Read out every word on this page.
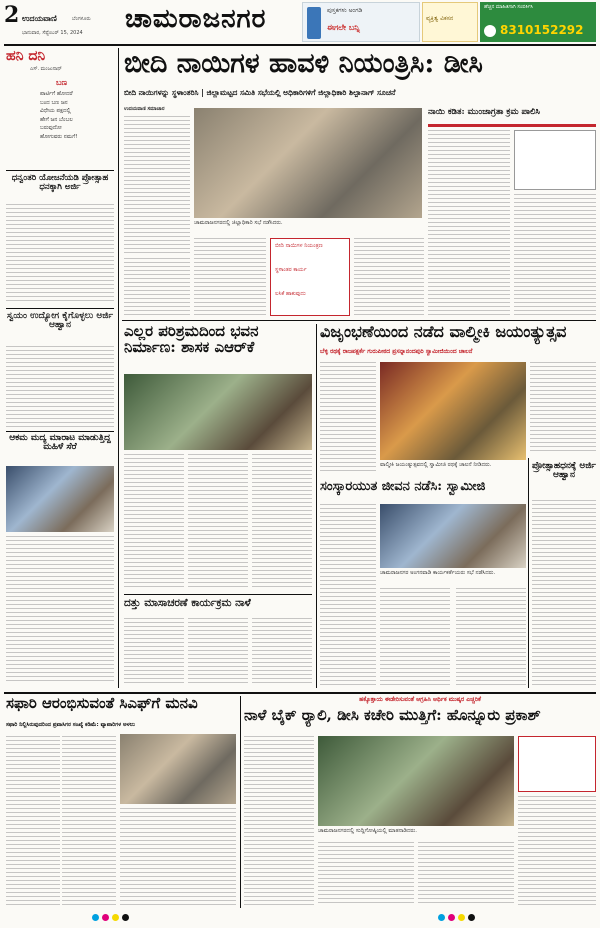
2 ಉದಯವಾಣಿ	ಬೆಂಗಳೂರು
ಭಾನುವಾರ, ಸೆಪ್ಟೆಂಬರ್ 15, 2024	ಚಾಮರಾಜನಗರ	ಪುಸ್ತಕಗಳು ಅಂಗಡಿ
ಈಗಲೇ ಬನ್ನಿ
ವ್ಯಕ್ತಿತ್ವ ವಿಕಸನ
ಹೆಚ್ಚಿನ ಮಾಹಿತಿಗಾಗಿ ಸಂಪರ್ಕಿಸಿ
8310152292
ಹನಿ ದನಿ
ಎಸ್. ಮಂಜುನಾಥ್
ಬಣ
ಪಾರ್ಟಿಗೆ ಹೋದರೆ
ಬಂದ ಬಣ ಜನ
ವಿಧೇಯ ಪಕ್ಷದಲ್ಲಿ
ಹೇಗೆ ಜನ ಬೆಂಬಲ
ಬರುವುದೋ
ಹೋಗುವರು ನಮಗೆ!
ಧನ್ವಂತರಿ ಯೋಜನೆಯಡಿ ಪ್ರೋತ್ಸಾಹ ಧನಕ್ಕಾಗಿ ಅರ್ಜಿ
ಸ್ವಯಂ ಉದ್ಯೋಗ ಕೈಗೊಳ್ಳಲು ಅರ್ಜಿ ಆಹ್ವಾನ
ಆಕಮ ಮದ್ಯ ಮಾರಾಟ ಮಾಡುತ್ತಿದ್ದ ಮಹಿಳೆ ಸೆರೆ
ಬೀದಿ ನಾಯಿಗಳ ಹಾವಳಿ ನಿಯಂತ್ರಿಸಿ: ಡೀಸಿ
ಬೀದಿ ನಾಯಿಗಳನ್ನು ಸ್ಥಳಾಂತರಿಸಿ | ಜಿಲ್ಲಾಮಟ್ಟದ ಸಮಿತಿ ಸಭೆಯಲ್ಲಿ ಅಧಿಕಾರಿಗಳಿಗೆ ಜಿಲ್ಲಾಧಿಕಾರಿ ಶಿಲ್ಪಾನಾಗ್ ಸೂಚನೆ
ಉದಯವಾಣಿ ಸಮಾಚಾರ
ಚಾಮರಾಜನಗರದಲ್ಲಿ ಜಿಲ್ಲಾಧಿಕಾರಿ ಸಭೆ ನಡೆಸಿದರು.
ಬೀದಿ ನಾಯಿಗಳ ನಿಯಂತ್ರಣ
ಸ್ಥಳಾಂತರ ಕಾರ್ಯ
ಲಸಿಕೆ ಹಾಕುವುದು
ನಾಯಿ ಕಡಿತ: ಮುಂಜಾಗ್ರತಾ ಕ್ರಮ ಪಾಲಿಸಿ
ಎಲ್ಲರ ಪರಿಶ್ರಮದಿಂದ ಭವನ ನಿರ್ಮಾಣ: ಶಾಸಕ ಎಆರ್‌ಕೆ
ದತ್ತು ಮಾಸಾಚರಣೆ ಕಾರ್ಯಕ್ರಮ ನಾಳೆ
ವಿಜೃಂಭಣೆಯಿಂದ ನಡೆದ ವಾಲ್ಮೀಕಿ ಜಯಂತ್ಯುತ್ಸವ
ಬೆಳ್ಳಿ ರಥಕ್ಕೆ ರಾಜಪಕ್ಷರ್ಕೆ ಗುರುಪೀಠದ ಪ್ರಸನ್ನಾನಂದಪುರಿ ಸ್ವಾಮೀಜಿಯಿಂದ ಚಾಲನೆ
ವಾಲ್ಮೀಕಿ ಜಯಂತ್ಯುತ್ಸವದಲ್ಲಿ ಸ್ವಾಮೀಜಿ ರಥಕ್ಕೆ ಚಾಲನೆ ನೀಡಿದರು.
ಸಂಸ್ಕಾರಯುತ ಜೀವನ ನಡೆಸಿ: ಸ್ವಾಮೀಜಿ
ಚಾಮರಾಜನಗರ ಅಂಗನವಾಡಿ ಕಾರ್ಯಕರ್ತೆಯರು ಸಭೆ ನಡೆಸಿದರು.
ಪ್ರೋತ್ಸಾಹಧನಕ್ಕೆ ಅರ್ಜಿ ಆಹ್ವಾನ
ಸಫಾರಿ ಆರಂಭಿಸುವಂತೆ ಸಿಎಫ್‌ಗೆ ಮನವಿ
ಸಫಾರಿ ನಿಲ್ಲಿಸಿರುವುದರಿಂದ ಪ್ರವಾಸಿಗರ ಸಂಖ್ಯೆ ಕಡಿಮೆ: ವ್ಯಾಪಾರಿಗಳ ಅಳಲು
ಹಕ್ಕೊತ್ತಾಯ ಈಡೇರಿಸುವಂತೆ ಆಗ್ರಹಿಸಿ ಆರ್ಥಿಕ ಮುಷ್ಕರ ಎಚ್ಚರಿಕೆ
ನಾಳೆ ಬೈಕ್ ರ‍್ಯಾಲಿ, ಡೀಸಿ ಕಚೇರಿ ಮುತ್ತಿಗೆ: ಹೊನ್ನೂರು ಪ್ರಕಾಶ್
ಚಾಮರಾಜನಗರದಲ್ಲಿ ಸುದ್ದಿಗೋಷ್ಠಿಯಲ್ಲಿ ಮಾತನಾಡಿದರು.
